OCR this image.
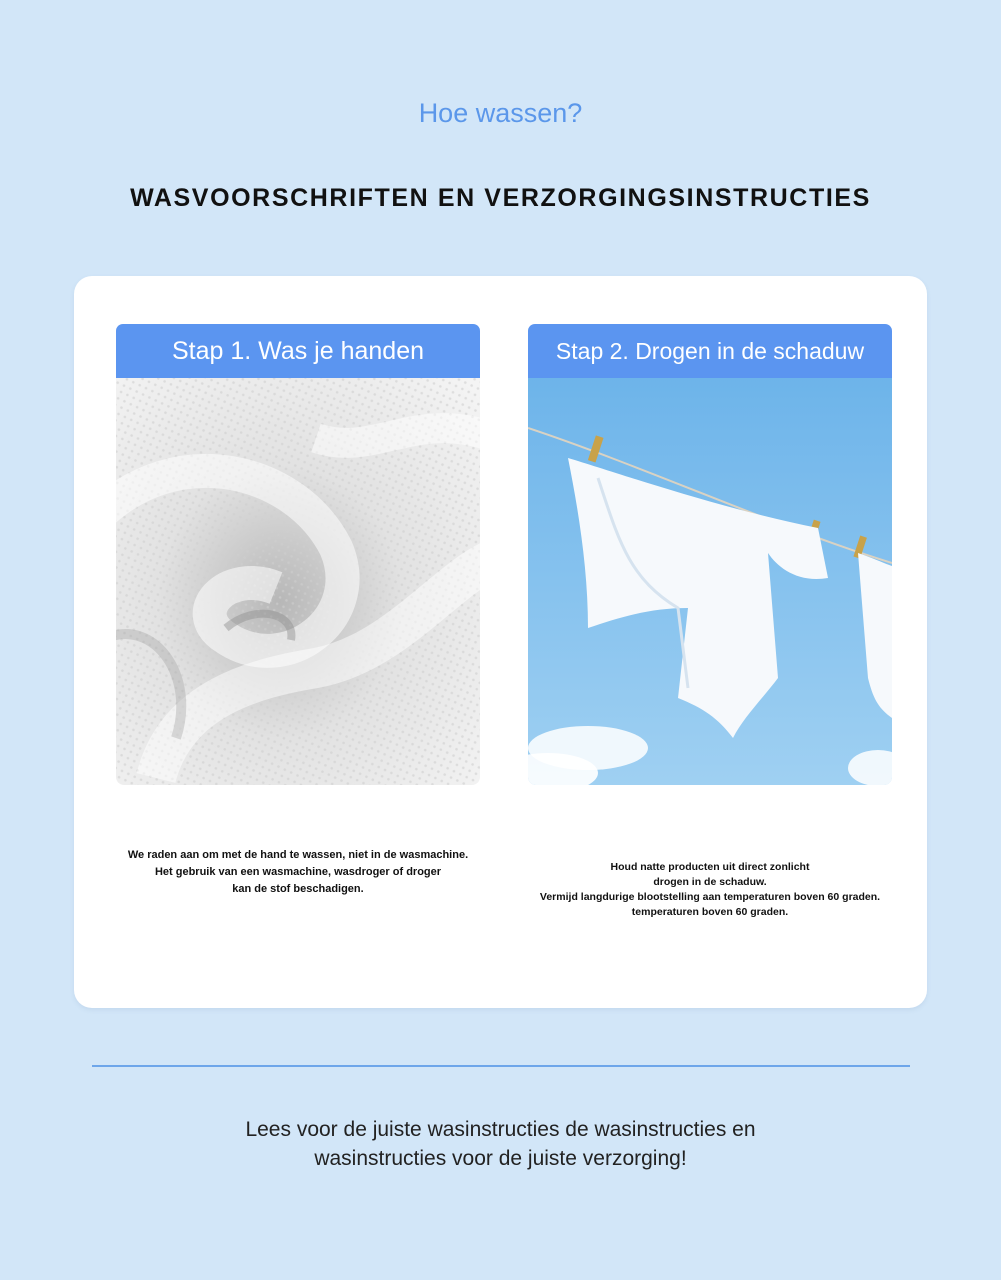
Hoe wassen?
WASVOORSCHRIFTEN EN VERZORGINGSINSTRUCTIES
Stap 1. Was je handen
We raden aan om met de hand te wassen, niet in de wasmachine.
Het gebruik van een wasmachine, wasdroger of droger
kan de stof beschadigen.
Stap 2. Drogen in de schaduw
Houd natte producten uit direct zonlicht
drogen in de schaduw.
Vermijd langdurige blootstelling aan temperaturen boven 60 graden.
temperaturen boven 60 graden.
Lees voor de juiste wasinstructies de wasinstructies en
wasinstructies voor de juiste verzorging!
